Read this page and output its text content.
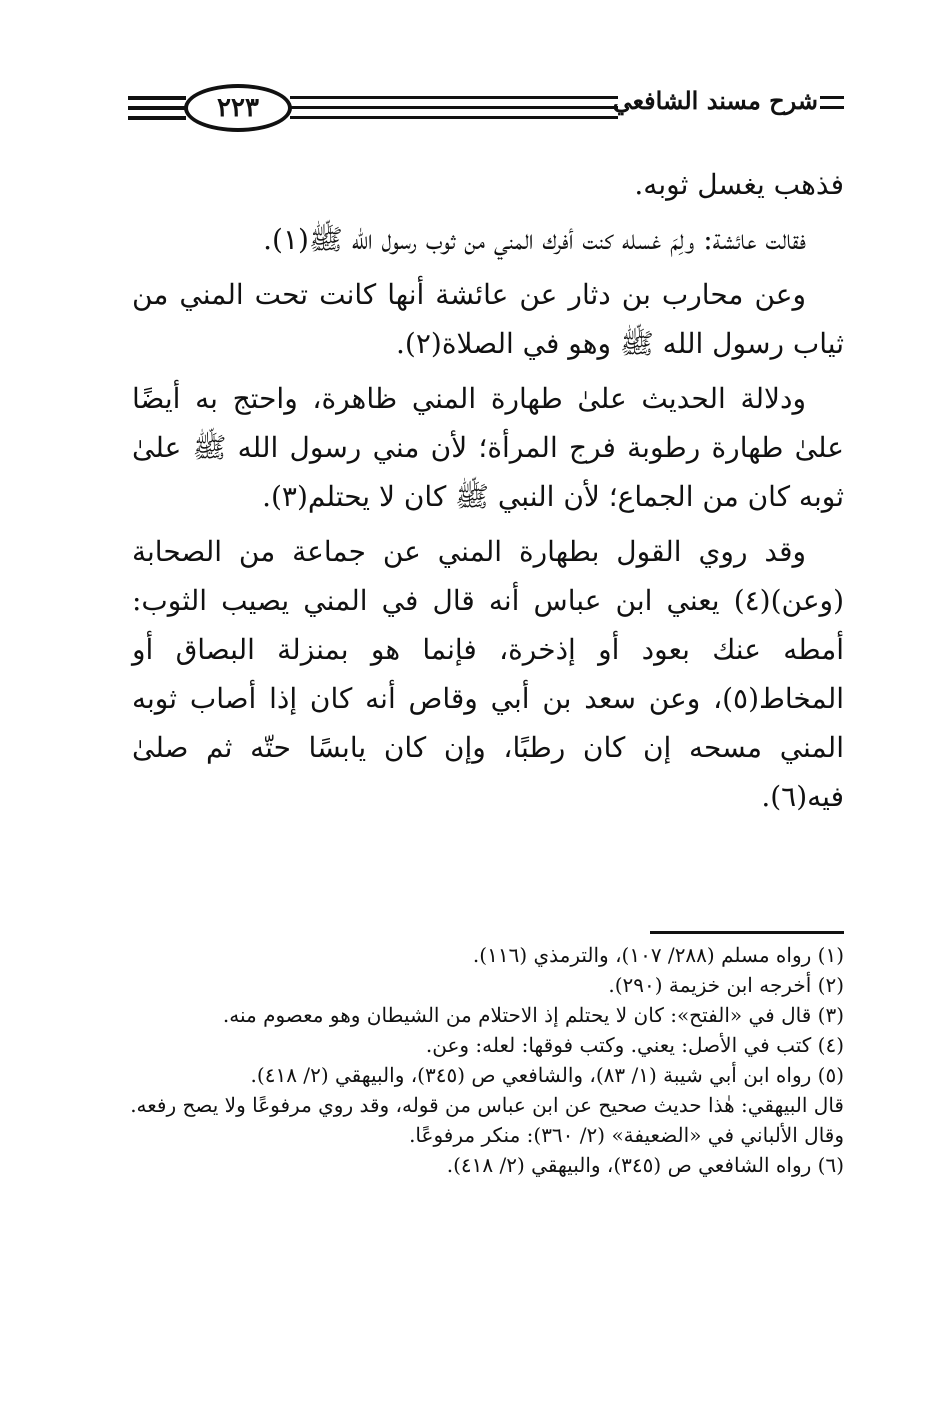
٢٢٣	شرح مسند الشافعي

فذهب يغسل ثوبه.

فقالت عائشة: ولِمَ غسله كنت أفرك المني من ثوب رسول الله ﷺ(١).

وعن محارب بن دثار عن عائشة أنها كانت تحت المني من ثياب رسول الله ﷺ وهو في الصلاة(٢).

ودلالة الحديث علىٰ طهارة المني ظاهرة، واحتج به أيضًا علىٰ طهارة رطوبة فرج المرأة؛ لأن مني رسول الله ﷺ علىٰ ثوبه كان من الجماع؛ لأن النبي ﷺ كان لا يحتلم(٣).

وقد روي القول بطهارة المني عن جماعة من الصحابة (وعن)(٤) يعني ابن عباس أنه قال في المني يصيب الثوب: أمطه عنك بعود أو إذخرة، فإنما هو بمنزلة البصاق أو المخاط(٥)، وعن سعد بن أبي وقاص أنه كان إذا أصاب ثوبه المني مسحه إن كان رطبًا، وإن كان يابسًا حتّه ثم صلىٰ فيه(٦).

(١) رواه مسلم (٢٨٨/ ١٠٧)، والترمذي (١١٦).

(٢) أخرجه ابن خزيمة (٢٩٠).

(٣) قال في «الفتح»: كان لا يحتلم إذ الاحتلام من الشيطان وهو معصوم منه.

(٤) كتب في الأصل: يعني. وكتب فوقها: لعله: وعن.

(٥) رواه ابن أبي شيبة (١/ ٨٣)، والشافعي ص (٣٤٥)، والبيهقي (٢/ ٤١٨).

قال البيهقي: هٰذا حديث صحيح عن ابن عباس من قوله، وقد روي مرفوعًا ولا يصح رفعه.

وقال الألباني في «الضعيفة» (٢/ ٣٦٠): منكر مرفوعًا.

(٦) رواه الشافعي ص (٣٤٥)، والبيهقي (٢/ ٤١٨).
